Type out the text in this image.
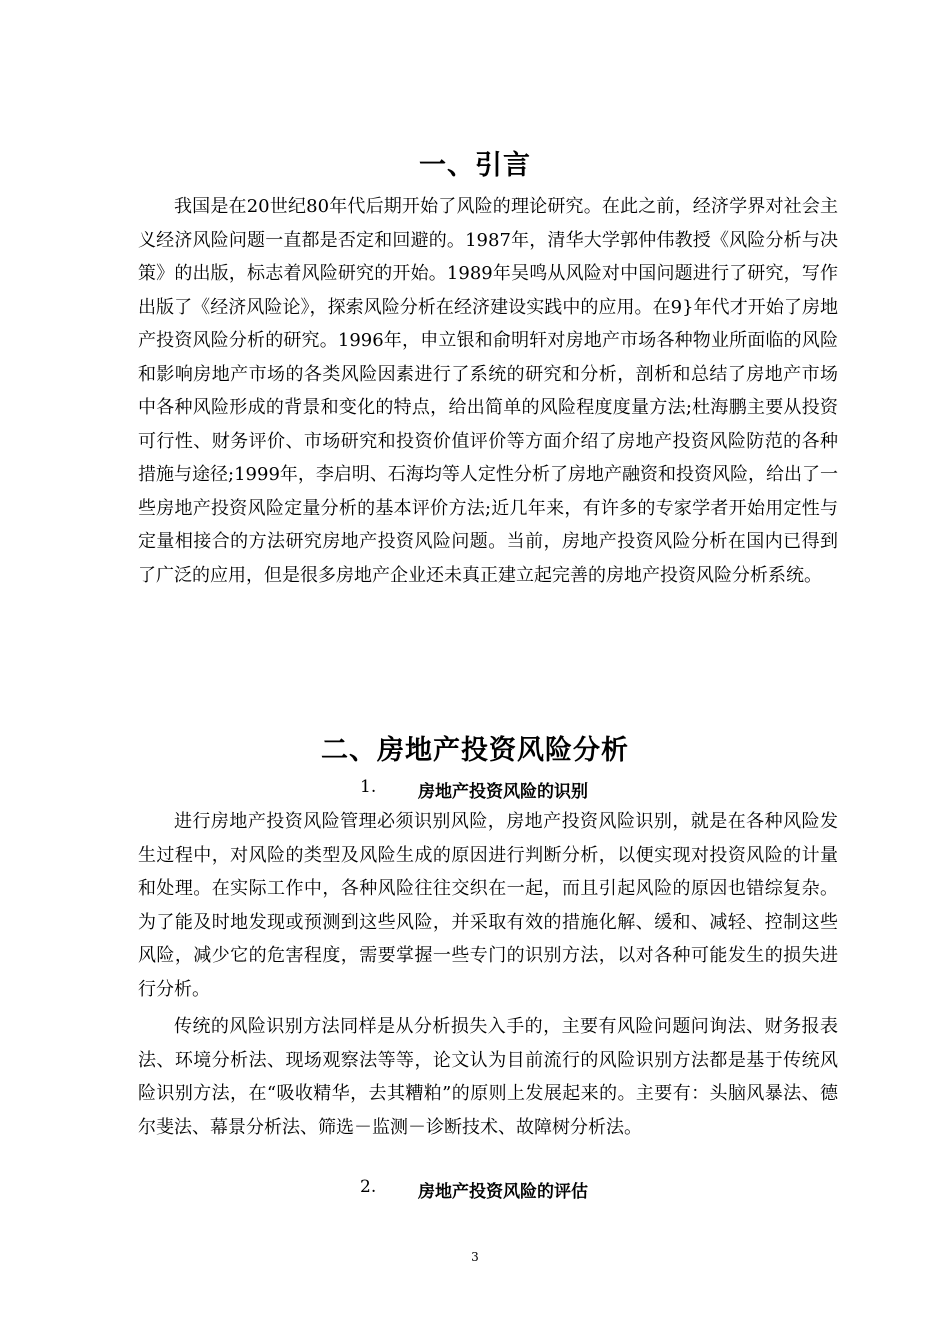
一、引言

我国是在20世纪80年代后期开始了风险的理论研究。在此之前，经济学界对社会主义经济风险问题一直都是否定和回避的。1987年，清华大学郭仲伟教授《风险分析与决策》的出版，标志着风险研究的开始。1989年吴鸣从风险对中国问题进行了研究，写作出版了《经济风险论》，探索风险分析在经济建设实践中的应用。在9}年代才开始了房地产投资风险分析的研究。1996年，申立银和俞明轩对房地产市场各种物业所面临的风险和影响房地产市场的各类风险因素进行了系统的研究和分析，剖析和总结了房地产市场中各种风险形成的背景和变化的特点，给出简单的风险程度度量方法;杜海鹏主要从投资可行性、财务评价、市场研究和投资价值评价等方面介绍了房地产投资风险防范的各种措施与途径;1999年，李启明、石海均等人定性分析了房地产融资和投资风险，给出了一些房地产投资风险定量分析的基本评价方法;近几年来，有许多的专家学者开始用定性与定量相接合的方法研究房地产投资风险问题。当前，房地产投资风险分析在国内已得到了广泛的应用，但是很多房地产企业还未真正建立起完善的房地产投资风险分析系统。

二、房地产投资风险分析
1. 房地产投资风险的识别

进行房地产投资风险管理必须识别风险，房地产投资风险识别，就是在各种风险发生过程中，对风险的类型及风险生成的原因进行判断分析，以便实现对投资风险的计量和处理。在实际工作中，各种风险往往交织在一起，而且引起风险的原因也错综复杂。为了能及时地发现或预测到这些风险，并采取有效的措施化解、缓和、减轻、控制这些风险，减少它的危害程度，需要掌握一些专门的识别方法，以对各种可能发生的损失进行分析。

传统的风险识别方法同样是从分析损失入手的，主要有风险问题问询法、财务报表法、环境分析法、现场观察法等等，论文认为目前流行的风险识别方法都是基于传统风险识别方法，在“吸收精华，去其糟粕”的原则上发展起来的。主要有：头脑风暴法、德尔斐法、幕景分析法、筛选－监测－诊断技术、故障树分析法。

2. 房地产投资风险的评估
3
